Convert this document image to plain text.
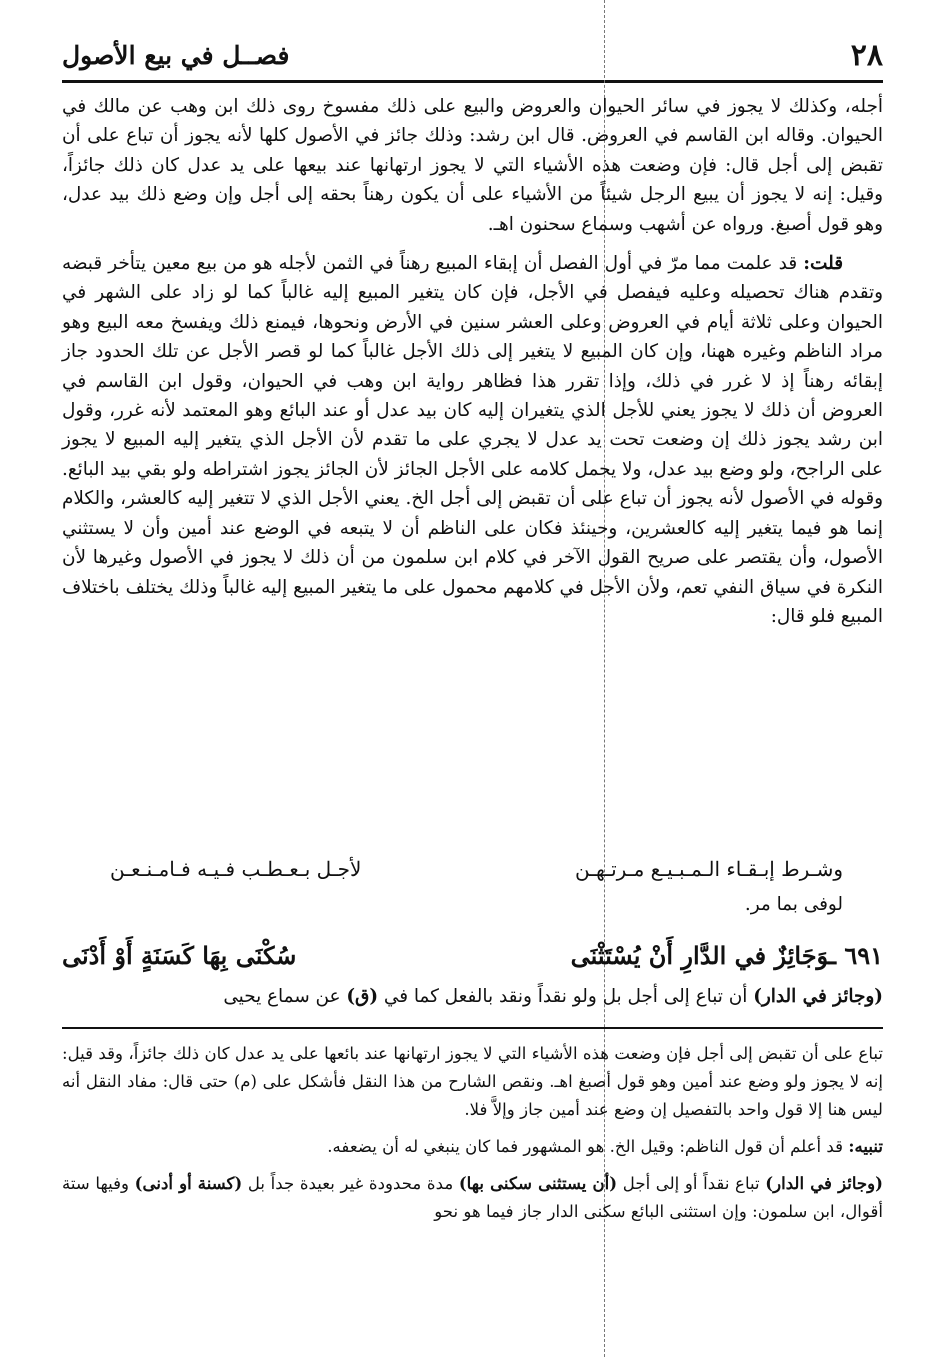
٢٨
فصــل في بيع الأصول

أجله، وكذلك لا يجوز في سائر الحيوان والعروض والبيع على ذلك مفسوخ روى ذلك ابن وهب عن مالك في الحيوان. وقاله ابن القاسم في العروض. قال ابن رشد: وذلك جائز في الأصول كلها لأنه يجوز أن تباع على أن تقبض إلى أجل قال: فإن وضعت هذه الأشياء التي لا يجوز ارتهانها عند بيعها على يد عدل كان ذلك جائزاً، وقيل: إنه لا يجوز أن يبيع الرجل شيئاً من الأشياء على أن يكون رهناً بحقه إلى أجل وإن وضع ذلك بيد عدل، وهو قول أصبغ. ورواه عن أشهب وسماع سحنون اهـ.

قلت: قد علمت مما مرّ في أول الفصل أن إبقاء المبيع رهناً في الثمن لأجله هو من بيع معين يتأخر قبضه وتقدم هناك تحصيله وعليه فيفصل في الأجل، فإن كان يتغير المبيع إليه غالباً كما لو زاد على الشهر في الحيوان وعلى ثلاثة أيام في العروض وعلى العشر سنين في الأرض ونحوها، فيمنع ذلك ويفسخ معه البيع وهو مراد الناظم وغيره ههنا، وإن كان المبيع لا يتغير إلى ذلك الأجل غالباً كما لو قصر الأجل عن تلك الحدود جاز إبقائه رهناً إذ لا غرر في ذلك، وإذا تقرر هذا فظاهر رواية ابن وهب في الحيوان، وقول ابن القاسم في العروض أن ذلك لا يجوز يعني للأجل الذي يتغيران إليه كان بيد عدل أو عند البائع وهو المعتمد لأنه غرر، وقول ابن رشد يجوز ذلك إن وضعت تحت يد عدل لا يجري على ما تقدم لأن الأجل الذي يتغير إليه المبيع لا يجوز على الراجح، ولو وضع بيد عدل، ولا يحمل كلامه على الأجل الجائز لأن الجائز يجوز اشتراطه ولو بقي بيد البائع. وقوله في الأصول لأنه يجوز أن تباع على أن تقبض إلى أجل الخ. يعني الأجل الذي لا تتغير إليه كالعشر، والكلام إنما هو فيما يتغير إليه كالعشرين، وحينئذ فكان على الناظم أن لا يتبعه في الوضع عند أمين وأن لا يستثني الأصول، وأن يقتصر على صريح القول الآخر في كلام ابن سلمون من أن ذلك لا يجوز في الأصول وغيرها لأن النكرة في سياق النفي تعم، ولأن الأجل في كلامهم محمول على ما يتغير المبيع إليه غالباً وذلك يختلف باختلاف المبيع فلو قال:

وشـرط إبـقـاء الـمـبـيـع مـرتـهـن
لأجـل بـعـطـب فـيـه فـامـنـعـن
لوفى بما مر.
٦٩١ ـوَجَائِزٌ في الدَّارِ أَنْ يُسْتَثْنَى
سُكْنَى بِهَا كَسَنَةٍ أَوْ أَدْنَى
(وجائز في الدار) أن تباع إلى أجل بل ولو نقداً ونقد بالفعل كما في (ق) عن سماع يحيى

تباع على أن تقبض إلى أجل فإن وضعت هذه الأشياء التي لا يجوز ارتهانها عند بائعها على يد عدل كان ذلك جائزاً، وقد قيل: إنه لا يجوز ولو وضع عند أمين وهو قول أصبغ اهـ. ونقص الشارح من هذا النقل فأشكل على (م) حتى قال: مفاد النقل أنه ليس هنا إلا قول واحد بالتفصيل إن وضع عند أمين جاز وإلاَّ فلا.

تنبيه: قد أعلم أن قول الناظم: وقيل الخ. هو المشهور فما كان ينبغي له أن يضعفه.

(وجائز في الدار) تباع نقداً أو إلى أجل (أن يستثنى سكنى بها) مدة محدودة غير بعيدة جداً بل (كسنة أو أدنى) وفيها ستة أقوال، ابن سلمون: وإن استثنى البائع سكنى الدار جاز فيما هو نحو
